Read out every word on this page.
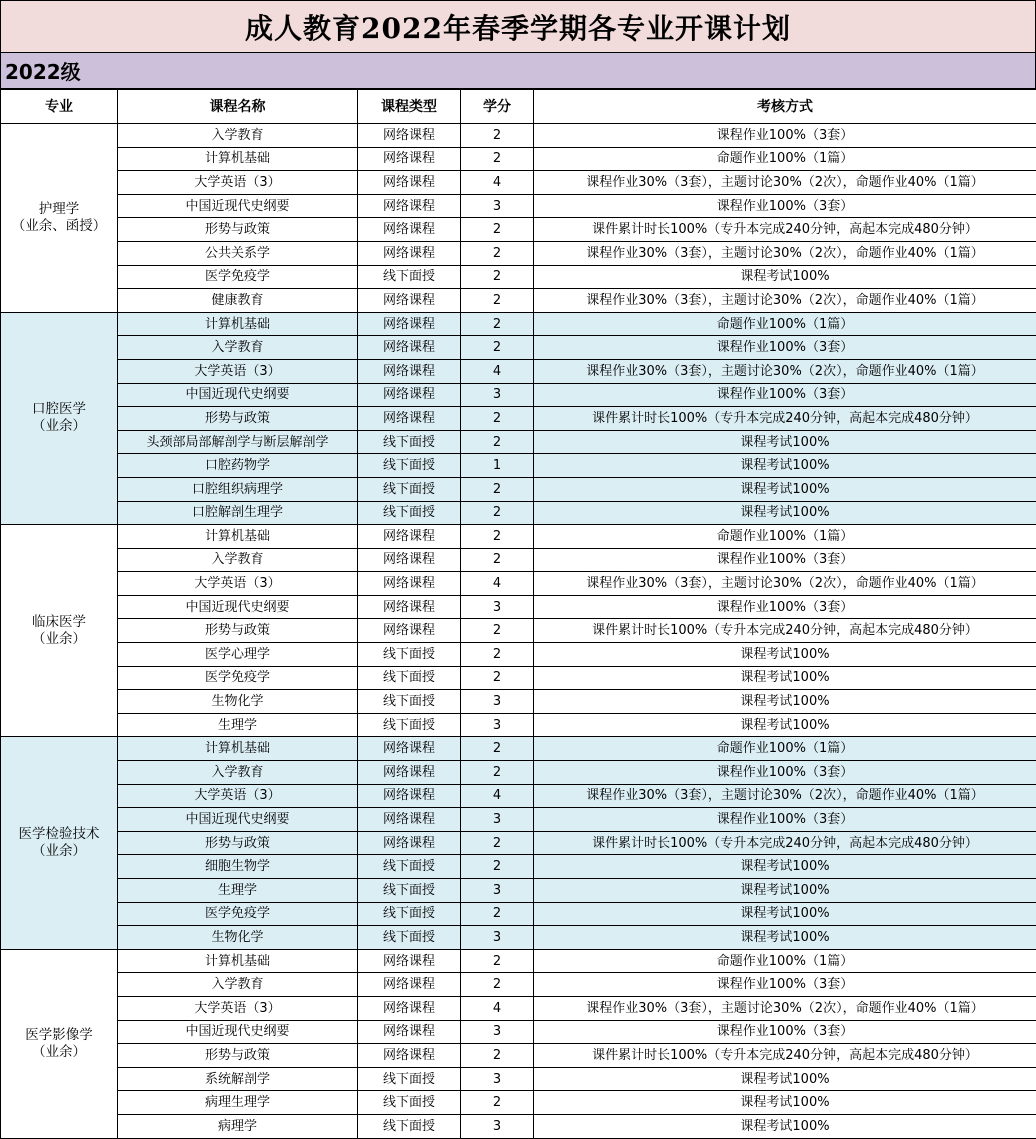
成人教育2022年春季学期各专业开课计划
2022级
专业	课程名称	课程类型	学分	考核方式

护理学
（业余、函授）	入学教育	网络课程	2	课程作业100%（3套）
	计算机基础	网络课程	2	命题作业100%（1篇）
	大学英语（3）	网络课程	4	课程作业30%（3套），主题讨论30%（2次），命题作业40%（1篇）
	中国近现代史纲要	网络课程	3	课程作业100%（3套）
	形势与政策	网络课程	2	课件累计时长100%（专升本完成240分钟，高起本完成480分钟）
	公共关系学	网络课程	2	课程作业30%（3套），主题讨论30%（2次），命题作业40%（1篇）
	医学免疫学	线下面授	2	课程考试100%
	健康教育	网络课程	2	课程作业30%（3套），主题讨论30%（2次），命题作业40%（1篇）

口腔医学
（业余）	计算机基础	网络课程	2	命题作业100%（1篇）
	入学教育	网络课程	2	课程作业100%（3套）
	大学英语（3）	网络课程	4	课程作业30%（3套），主题讨论30%（2次），命题作业40%（1篇）
	中国近现代史纲要	网络课程	3	课程作业100%（3套）
	形势与政策	网络课程	2	课件累计时长100%（专升本完成240分钟，高起本完成480分钟）
	头颈部局部解剖学与断层解剖学	线下面授	2	课程考试100%
	口腔药物学	线下面授	1	课程考试100%
	口腔组织病理学	线下面授	2	课程考试100%
	口腔解剖生理学	线下面授	2	课程考试100%

临床医学
（业余）	计算机基础	网络课程	2	命题作业100%（1篇）
	入学教育	网络课程	2	课程作业100%（3套）
	大学英语（3）	网络课程	4	课程作业30%（3套），主题讨论30%（2次），命题作业40%（1篇）
	中国近现代史纲要	网络课程	3	课程作业100%（3套）
	形势与政策	网络课程	2	课件累计时长100%（专升本完成240分钟，高起本完成480分钟）
	医学心理学	线下面授	2	课程考试100%
	医学免疫学	线下面授	2	课程考试100%
	生物化学	线下面授	3	课程考试100%
	生理学	线下面授	3	课程考试100%

医学检验技术
（业余）	计算机基础	网络课程	2	命题作业100%（1篇）
	入学教育	网络课程	2	课程作业100%（3套）
	大学英语（3）	网络课程	4	课程作业30%（3套），主题讨论30%（2次），命题作业40%（1篇）
	中国近现代史纲要	网络课程	3	课程作业100%（3套）
	形势与政策	网络课程	2	课件累计时长100%（专升本完成240分钟，高起本完成480分钟）
	细胞生物学	线下面授	2	课程考试100%
	生理学	线下面授	3	课程考试100%
	医学免疫学	线下面授	2	课程考试100%
	生物化学	线下面授	3	课程考试100%

医学影像学
（业余）	计算机基础	网络课程	2	命题作业100%（1篇）
	入学教育	网络课程	2	课程作业100%（3套）
	大学英语（3）	网络课程	4	课程作业30%（3套），主题讨论30%（2次），命题作业40%（1篇）
	中国近现代史纲要	网络课程	3	课程作业100%（3套）
	形势与政策	网络课程	2	课件累计时长100%（专升本完成240分钟，高起本完成480分钟）
	系统解剖学	线下面授	3	课程考试100%
	病理生理学	线下面授	2	课程考试100%
	病理学	线下面授	3	课程考试100%
